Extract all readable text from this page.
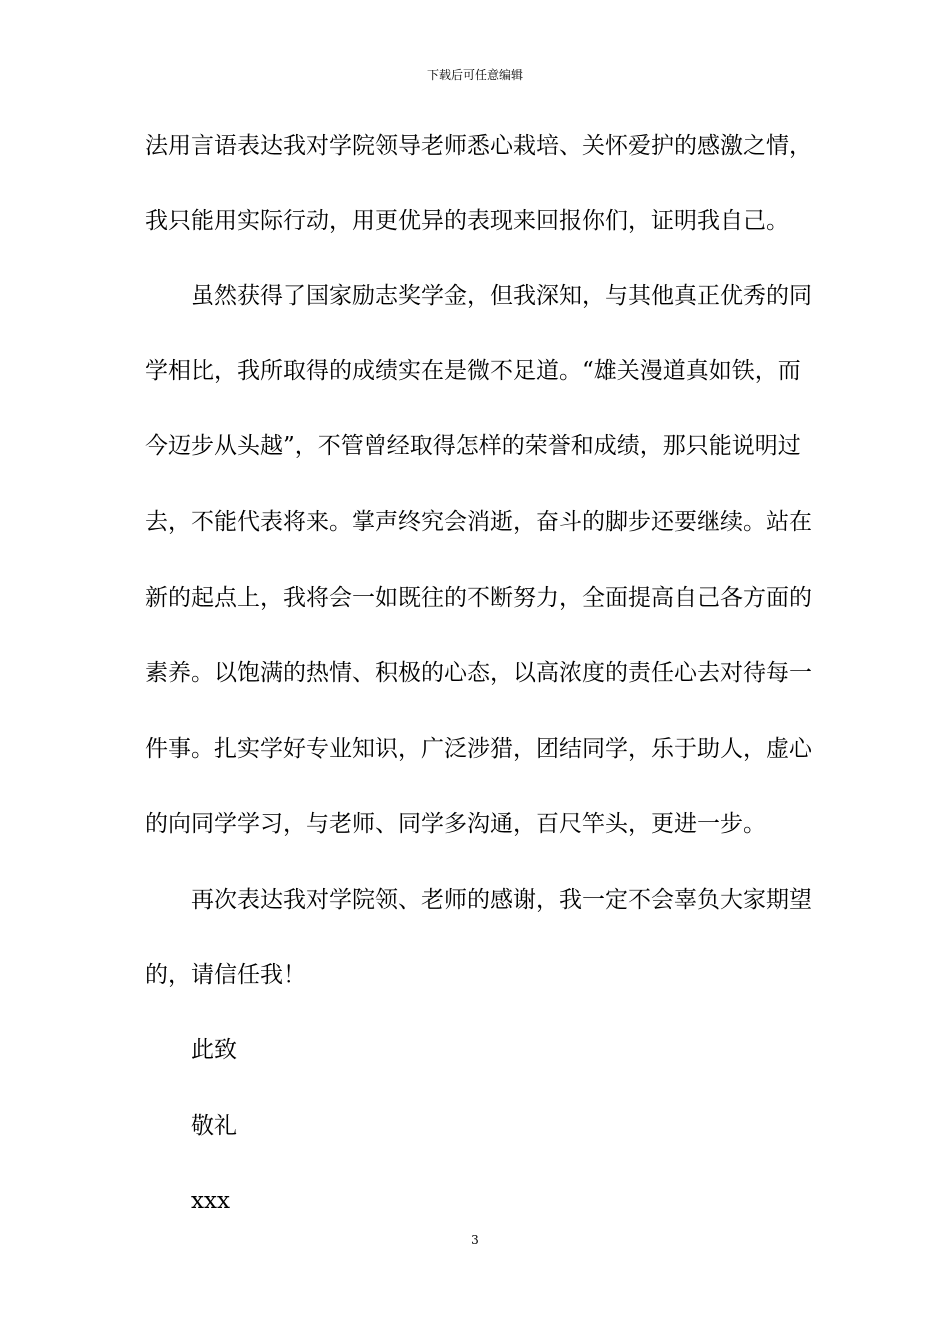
下载后可任意编辑
法用言语表达我对学院领导老师悉心栽培、关怀爱护的感激之情，
我只能用实际行动，用更优异的表现来回报你们，证明我自己。
虽然获得了国家励志奖学金，但我深知，与其他真正优秀的同
学相比，我所取得的成绩实在是微不足道。“雄关漫道真如铁，而
今迈步从头越”，不管曾经取得怎样的荣誉和成绩，那只能说明过
去，不能代表将来。掌声终究会消逝，奋斗的脚步还要继续。站在
新的起点上，我将会一如既往的不断努力，全面提高自己各方面的
素养。以饱满的热情、积极的心态，以高浓度的责任心去对待每一
件事。扎实学好专业知识，广泛涉猎，团结同学，乐于助人，虚心
的向同学学习，与老师、同学多沟通，百尺竿头，更进一步。
再次表达我对学院领、老师的感谢，我一定不会辜负大家期望
的，请信任我！
此致
敬礼
xxx
3
